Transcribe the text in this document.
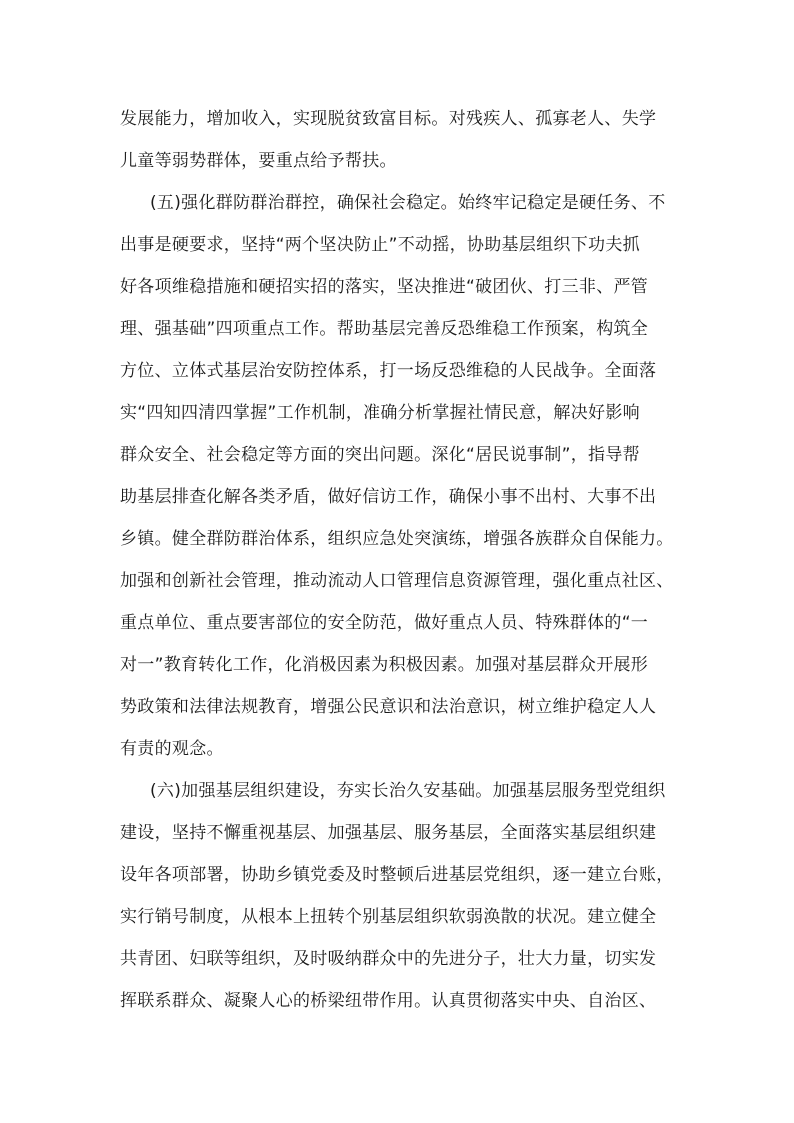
发展能力，增加收入，实现脱贫致富目标。对残疾人、孤寡老人、失学
儿童等弱势群体，要重点给予帮扶。
(五)强化群防群治群控，确保社会稳定。始终牢记稳定是硬任务、不
出事是硬要求，坚持“两个坚决防止”不动摇，协助基层组织下功夫抓
好各项维稳措施和硬招实招的落实，坚决推进“破团伙、打三非、严管
理、强基础”四项重点工作。帮助基层完善反恐维稳工作预案，构筑全
方位、立体式基层治安防控体系，打一场反恐维稳的人民战争。全面落
实“四知四清四掌握”工作机制，准确分析掌握社情民意，解决好影响
群众安全、社会稳定等方面的突出问题。深化“居民说事制”，指导帮
助基层排查化解各类矛盾，做好信访工作，确保小事不出村、大事不出
乡镇。健全群防群治体系，组织应急处突演练，增强各族群众自保能力。
加强和创新社会管理，推动流动人口管理信息资源管理，强化重点社区、
重点单位、重点要害部位的安全防范，做好重点人员、特殊群体的“一
对一”教育转化工作，化消极因素为积极因素。加强对基层群众开展形
势政策和法律法规教育，增强公民意识和法治意识，树立维护稳定人人
有责的观念。
(六)加强基层组织建设，夯实长治久安基础。加强基层服务型党组织
建设，坚持不懈重视基层、加强基层、服务基层，全面落实基层组织建
设年各项部署，协助乡镇党委及时整顿后进基层党组织，逐一建立台账，
实行销号制度，从根本上扭转个别基层组织软弱涣散的状况。建立健全
共青团、妇联等组织，及时吸纳群众中的先进分子，壮大力量，切实发
挥联系群众、凝聚人心的桥梁纽带作用。认真贯彻落实中央、自治区、
